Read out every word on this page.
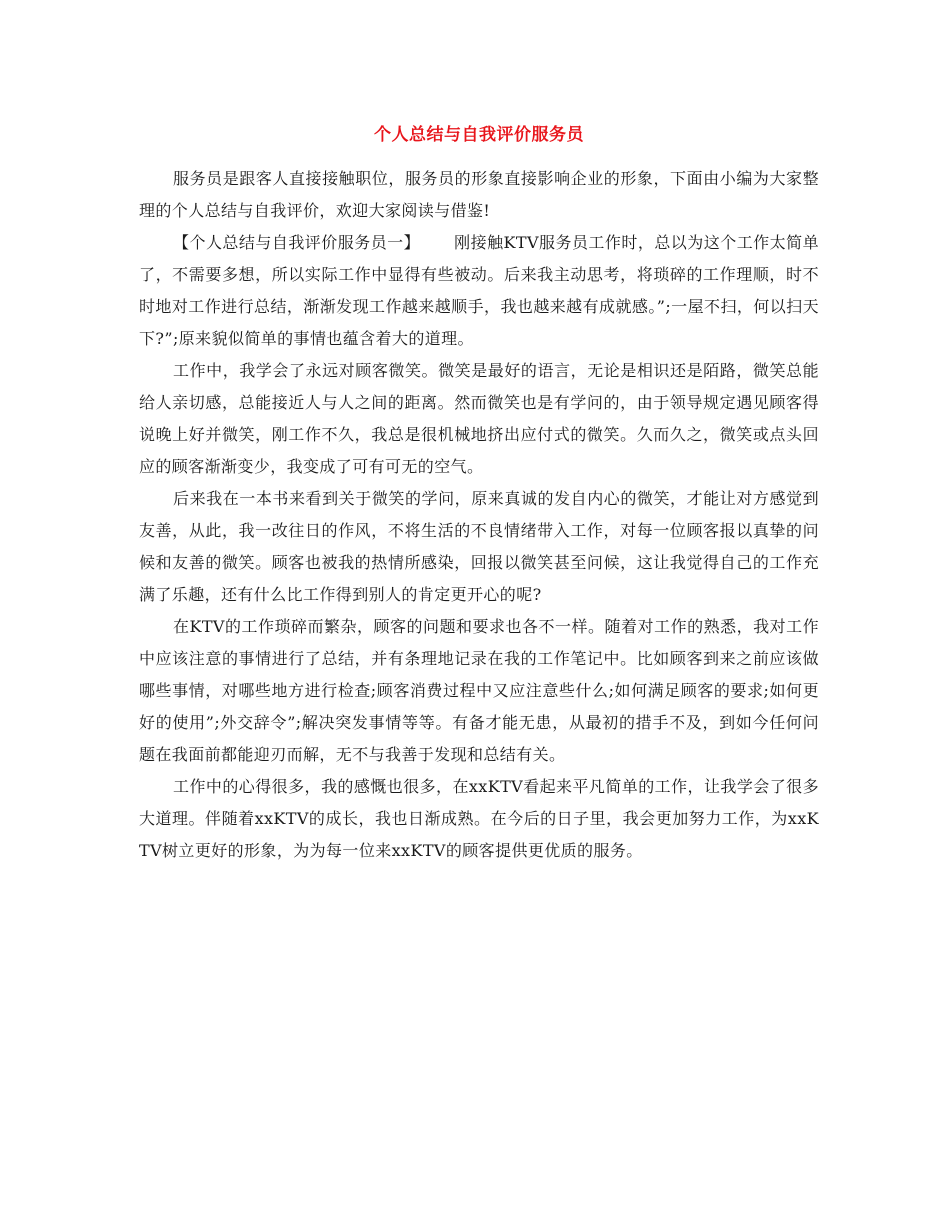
个人总结与自我评价服务员

服务员是跟客人直接接触职位，服务员的形象直接影响企业的形象，下面由小编为大家整理的个人总结与自我评价，欢迎大家阅读与借鉴!

【个人总结与自我评价服务员一】 刚接触KTV服务员工作时，总以为这个工作太简单了，不需要多想，所以实际工作中显得有些被动。后来我主动思考，将琐碎的工作理顺，时不时地对工作进行总结，渐渐发现工作越来越顺手，我也越来越有成就感。”;一屋不扫，何以扫天下?”;原来貌似简单的事情也蕴含着大的道理。

工作中，我学会了永远对顾客微笑。微笑是最好的语言，无论是相识还是陌路，微笑总能给人亲切感，总能接近人与人之间的距离。然而微笑也是有学问的，由于领导规定遇见顾客得说晚上好并微笑，刚工作不久，我总是很机械地挤出应付式的微笑。久而久之，微笑或点头回应的顾客渐渐变少，我变成了可有可无的空气。

后来我在一本书来看到关于微笑的学问，原来真诚的发自内心的微笑，才能让对方感觉到友善，从此，我一改往日的作风，不将生活的不良情绪带入工作，对每一位顾客报以真挚的问候和友善的微笑。顾客也被我的热情所感染，回报以微笑甚至问候，这让我觉得自己的工作充满了乐趣，还有什么比工作得到别人的肯定更开心的呢?

在KTV的工作琐碎而繁杂，顾客的问题和要求也各不一样。随着对工作的熟悉，我对工作中应该注意的事情进行了总结，并有条理地记录在我的工作笔记中。比如顾客到来之前应该做哪些事情，对哪些地方进行检查;顾客消费过程中又应注意些什么;如何满足顾客的要求;如何更好的使用”;外交辞令”;解决突发事情等等。有备才能无患，从最初的措手不及，到如今任何问题在我面前都能迎刃而解，无不与我善于发现和总结有关。

工作中的心得很多，我的感慨也很多，在xxKTV看起来平凡简单的工作，让我学会了很多大道理。伴随着xxKTV的成长，我也日渐成熟。在今后的日子里，我会更加努力工作，为xxKTV树立更好的形象，为为每一位来xxKTV的顾客提供更优质的服务。
